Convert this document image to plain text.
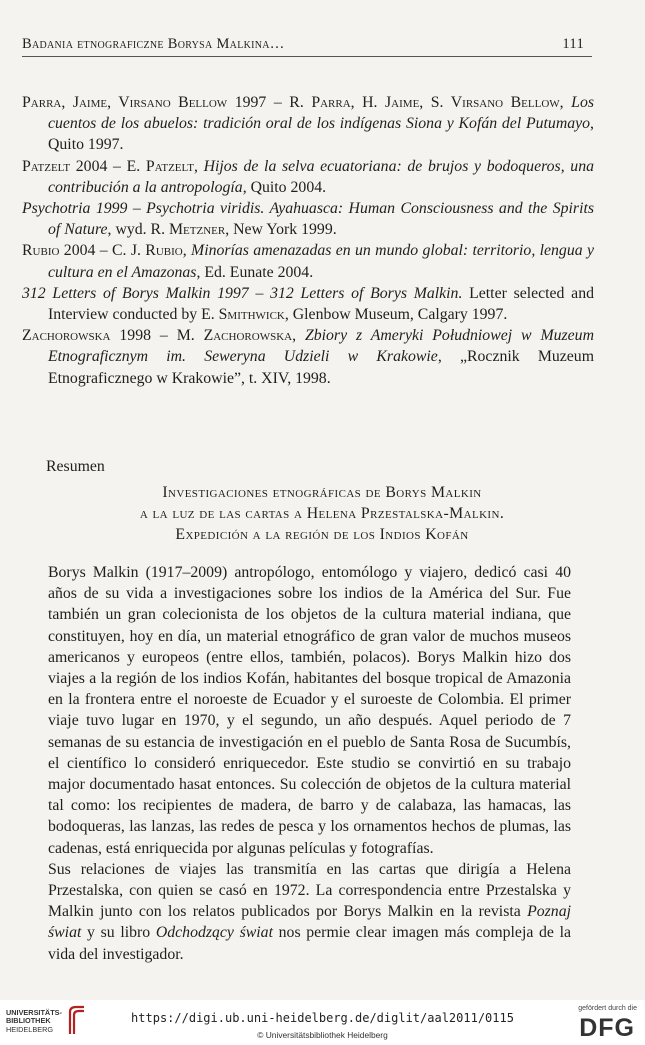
Badania etnograficzne Borysa Malkina…	111

Parra, Jaime, Virsano Bellow 1997 – R. Parra, H. Jaime, S. Virsano Bellow, Los cuentos de los abuelos: tradición oral de los indígenas Siona y Kofán del Putumayo, Quito 1997.

Patzelt 2004 – E. Patzelt, Hijos de la selva ecuatoriana: de brujos y bodoqueros, una contribución a la antropología, Quito 2004.

Psychotria 1999 – Psychotria viridis. Ayahuasca: Human Consciousness and the Spirits of Nature, wyd. R. Metzner, New York 1999.

Rubio 2004 – C. J. Rubio, Minorías amenazadas en un mundo global: territorio, lengua y cultura en el Amazonas, Ed. Eunate 2004.

312 Letters of Borys Malkin 1997 – 312 Letters of Borys Malkin. Letter selected and Interview conducted by E. Smithwick, Glenbow Museum, Calgary 1997.

Zachorowska 1998 – M. Zachorowska, Zbiory z Ameryki Południowej w Muzeum Etnograficznym im. Seweryna Udzieli w Krakowie, „Rocznik Muzeum Etnograficznego w Krakowie”, t. XIV, 1998.

Resumen
Investigaciones etnográficas de Borys Malkin
a la luz de las cartas a Helena Przestalska-Malkin.
Expedición a la región de los Indios Kofán

Borys Malkin (1917–2009) antropólogo, entomólogo y viajero, dedicó casi 40 años de su vida a investigaciones sobre los indios de la América del Sur. Fue también un gran colecionista de los objetos de la cultura material indiana, que constituyen, hoy en día, un material etnográfico de gran valor de muchos museos americanos y europeos (entre ellos, también, polacos). Borys Malkin hizo dos viajes a la región de los indios Kofán, habitantes del bosque tropical de Amazonia en la frontera entre el noroeste de Ecuador y el suroeste de Colombia. El primer viaje tuvo lugar en 1970, y el segundo, un año después. Aquel periodo de 7 semanas de su estancia de investigación en el pueblo de Santa Rosa de Sucumbís, el científico lo consideró enriquecedor. Este studio se convirtió en su trabajo major documentado hasat entonces. Su colección de objetos de la cultura material tal como: los recipientes de madera, de barro y de calabaza, las hamacas, las bodoqueras, las lanzas, las redes de pesca y los ornamentos hechos de plumas, las cadenas, está enriquecida por algunas películas y fotografías.

Sus relaciones de viajes las transmitía en las cartas que dirigía a Helena Przestalska, con quien se casó en 1972. La correspondencia entre Przestalska y Malkin junto con los relatos publicados por Borys Malkin en la revista Poznaj świat y su libro Odchodzący świat nos permie clear imagen más compleja de la vida del investigador.

UNIVERSITÄTS-
BIBLIOTHEK
HEIDELBERG
https://digi.ub.uni-heidelberg.de/diglit/aal2011/0115
© Universitätsbibliothek Heidelberg
gefördert durch die
DFG
